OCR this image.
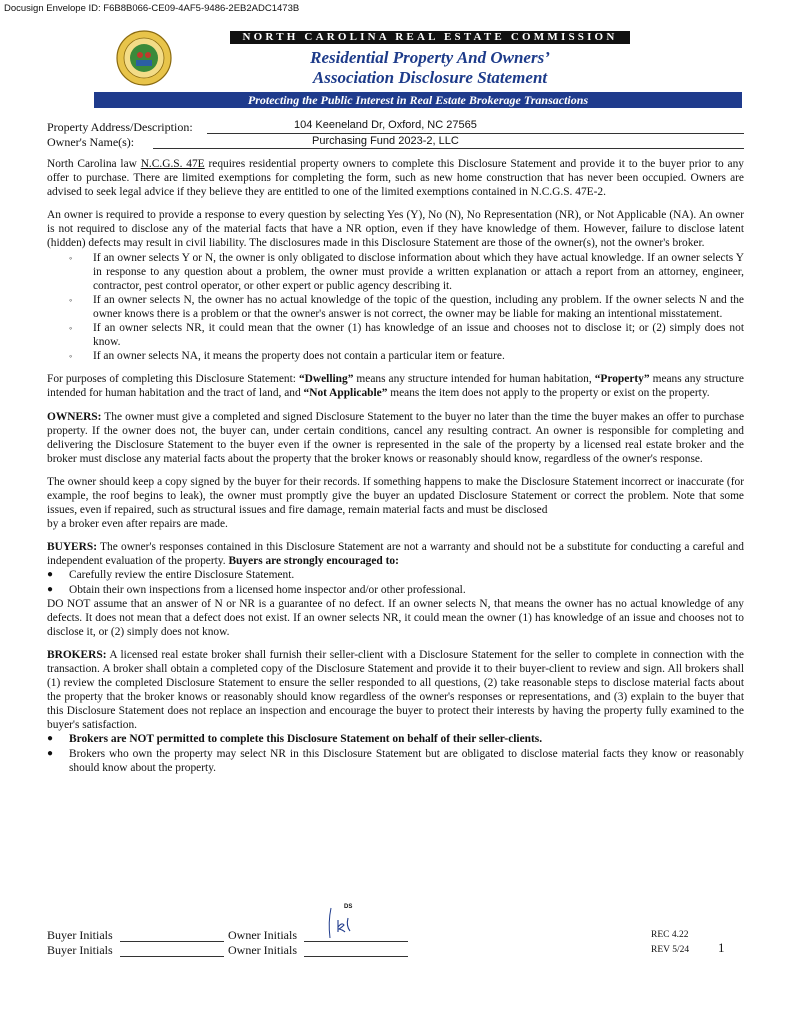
Docusign Envelope ID: F6B8B066-CE09-4AF5-9486-2EB2ADC1473B
NORTH CAROLINA REAL ESTATE COMMISSION
Residential Property And Owners’
Association Disclosure Statement
Protecting the Public Interest in Real Estate Brokerage Transactions
Property Address/Description:	104 Keeneland Dr, Oxford, NC 27565
Owner's Name(s):	Purchasing Fund 2023-2, LLC

North Carolina law N.C.G.S. 47E requires residential property owners to complete this Disclosure Statement and provide it to the buyer prior to any offer to purchase. There are limited exemptions for completing the form, such as new home construction that has never been occupied. Owners are advised to seek legal advice if they believe they are entitled to one of the limited exemptions contained in N.C.G.S. 47E-2.

An owner is required to provide a response to every question by selecting Yes (Y), No (N), No Representation (NR), or Not Applicable (NA). An owner is not required to disclose any of the material facts that have a NR option, even if they have knowledge of them. However, failure to disclose latent (hidden) defects may result in civil liability. The disclosures made in this Disclosure Statement are those of the owner(s), not the owner's broker.

◦ If an owner selects Y or N, the owner is only obligated to disclose information about which they have actual knowledge. If an owner selects Y in response to any question about a problem, the owner must provide a written explanation or attach a report from an attorney, engineer, contractor, pest control operator, or other expert or public agency describing it.
◦ If an owner selects N, the owner has no actual knowledge of the topic of the question, including any problem. If the owner selects N and the owner knows there is a problem or that the owner's answer is not correct, the owner may be liable for making an intentional misstatement.
◦ If an owner selects NR, it could mean that the owner (1) has knowledge of an issue and chooses not to disclose it; or (2) simply does not know.
◦ If an owner selects NA, it means the property does not contain a particular item or feature.

For purposes of completing this Disclosure Statement: “Dwelling” means any structure intended for human habitation, “Property” means any structure intended for human habitation and the tract of land, and “Not Applicable” means the item does not apply to the property or exist on the property.

OWNERS: The owner must give a completed and signed Disclosure Statement to the buyer no later than the time the buyer makes an offer to purchase property. If the owner does not, the buyer can, under certain conditions, cancel any resulting contract. An owner is responsible for completing and delivering the Disclosure Statement to the buyer even if the owner is represented in the sale of the property by a licensed real estate broker and the broker must disclose any material facts about the property that the broker knows or reasonably should know, regardless of the owner's response.

The owner should keep a copy signed by the buyer for their records. If something happens to make the Disclosure Statement incorrect or inaccurate (for example, the roof begins to leak), the owner must promptly give the buyer an updated Disclosure Statement or correct the problem. Note that some issues, even if repaired, such as structural issues and fire damage, remain material facts and must be disclosed
by a broker even after repairs are made.

BUYERS: The owner's responses contained in this Disclosure Statement are not a warranty and should not be a substitute for conducting a careful and independent evaluation of the property. Buyers are strongly encouraged to:

● Carefully review the entire Disclosure Statement.
● Obtain their own inspections from a licensed home inspector and/or other professional.

DO NOT assume that an answer of N or NR is a guarantee of no defect. If an owner selects N, that means the owner has no actual knowledge of any defects. It does not mean that a defect does not exist. If an owner selects NR, it could mean the owner (1) has knowledge of an issue and chooses not to disclose it, or (2) simply does not know.

BROKERS: A licensed real estate broker shall furnish their seller-client with a Disclosure Statement for the seller to complete in connection with the transaction. A broker shall obtain a completed copy of the Disclosure Statement and provide it to their buyer-client to review and sign. All brokers shall (1) review the completed Disclosure Statement to ensure the seller responded to all questions, (2) take reasonable steps to disclose material facts about the property that the broker knows or reasonably should know regardless of the owner's responses or representations, and (3) explain to the buyer that this Disclosure Statement does not replace an inspection and encourage the buyer to protect their interests by having the property fully examined to the buyer's satisfaction.

● Brokers are NOT permitted to complete this Disclosure Statement on behalf of their seller-clients.
● Brokers who own the property may select NR in this Disclosure Statement but are obligated to disclose material facts they know or reasonably should know about the property.
Buyer Initials	Owner Initials
Buyer Initials	Owner Initials
DS
REC 4.22
REV 5/24 1
